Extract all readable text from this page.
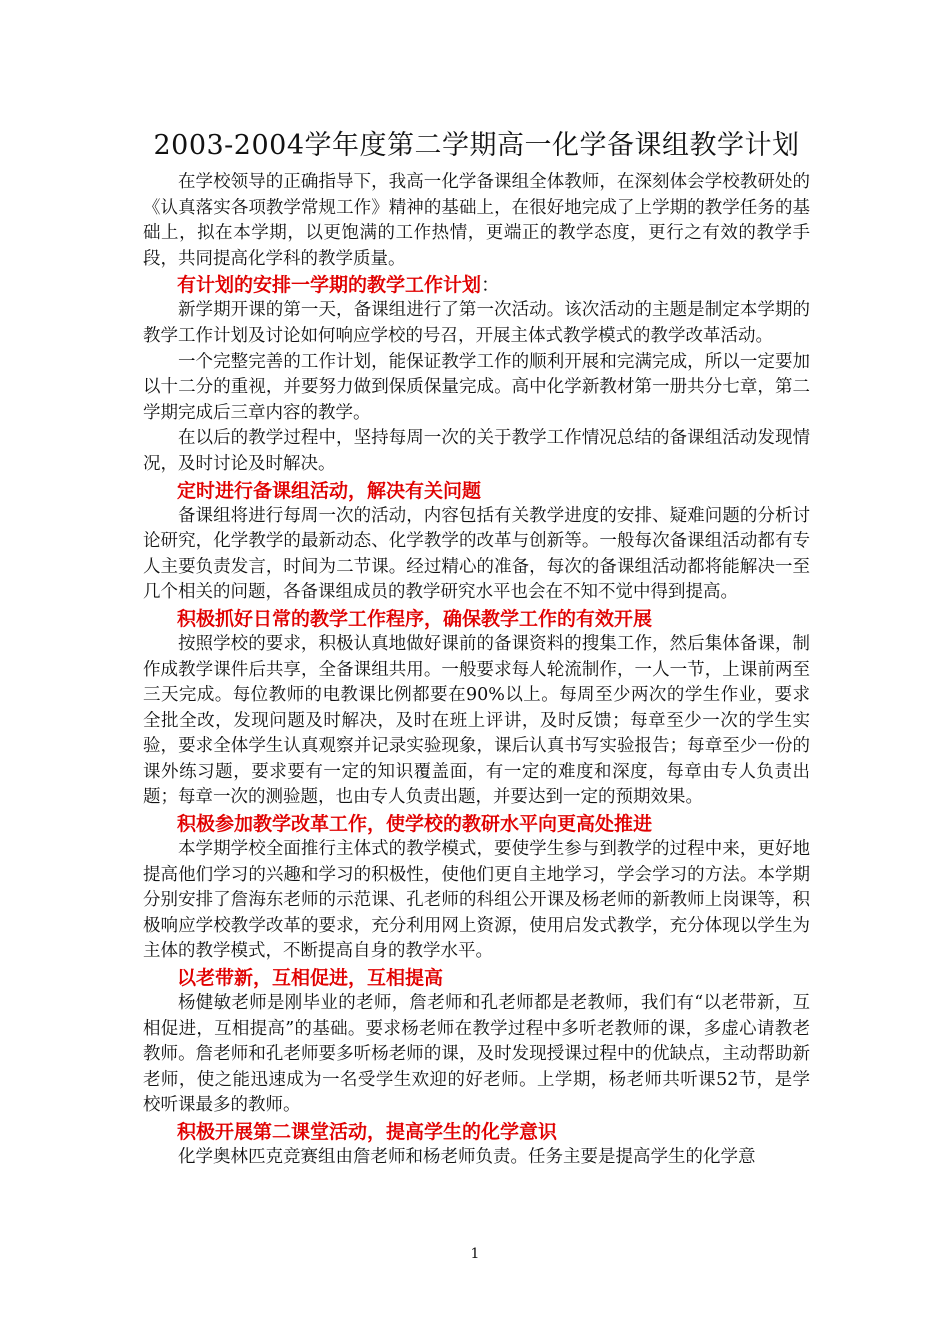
2003-2004学年度第二学期高一化学备课组教学计划

在学校领导的正确指导下，我高一化学备课组全体教师，在深刻体会学校教研处的《认真落实各项教学常规工作》精神的基础上，在很好地完成了上学期的教学任务的基础上，拟在本学期，以更饱满的工作热情，更端正的教学态度，更行之有效的教学手段，共同提高化学科的教学质量。

有计划的安排一学期的教学工作计划：

新学期开课的第一天，备课组进行了第一次活动。该次活动的主题是制定本学期的教学工作计划及讨论如何响应学校的号召，开展主体式教学模式的教学改革活动。

一个完整完善的工作计划，能保证教学工作的顺利开展和完满完成，所以一定要加以十二分的重视，并要努力做到保质保量完成。高中化学新教材第一册共分七章，第二学期完成后三章内容的教学。

在以后的教学过程中，坚持每周一次的关于教学工作情况总结的备课组活动发现情况，及时讨论及时解决。

定时进行备课组活动，解决有关问题

备课组将进行每周一次的活动，内容包括有关教学进度的安排、疑难问题的分析讨论研究，化学教学的最新动态、化学教学的改革与创新等。一般每次备课组活动都有专人主要负责发言，时间为二节课。经过精心的准备，每次的备课组活动都将能解决一至几个相关的问题，各备课组成员的教学研究水平也会在不知不觉中得到提高。

积极抓好日常的教学工作程序，确保教学工作的有效开展

按照学校的要求，积极认真地做好课前的备课资料的搜集工作，然后集体备课，制作成教学课件后共享，全备课组共用。一般要求每人轮流制作，一人一节，上课前两至三天完成。每位教师的电教课比例都要在90%以上。每周至少两次的学生作业，要求全批全改，发现问题及时解决，及时在班上评讲，及时反馈；每章至少一次的学生实验，要求全体学生认真观察并记录实验现象，课后认真书写实验报告；每章至少一份的课外练习题，要求要有一定的知识覆盖面，有一定的难度和深度，每章由专人负责出题；每章一次的测验题，也由专人负责出题，并要达到一定的预期效果。

积极参加教学改革工作，使学校的教研水平向更高处推进

本学期学校全面推行主体式的教学模式，要使学生参与到教学的过程中来，更好地提高他们学习的兴趣和学习的积极性，使他们更自主地学习，学会学习的方法。本学期分别安排了詹海东老师的示范课、孔老师的科组公开课及杨老师的新教师上岗课等，积极响应学校教学改革的要求，充分利用网上资源，使用启发式教学，充分体现以学生为主体的教学模式，不断提高自身的教学水平。

以老带新，互相促进，互相提高

杨健敏老师是刚毕业的老师，詹老师和孔老师都是老教师，我们有“以老带新，互相促进，互相提高”的基础。要求杨老师在教学过程中多听老教师的课，多虚心请教老教师。詹老师和孔老师要多听杨老师的课，及时发现授课过程中的优缺点，主动帮助新老师，使之能迅速成为一名受学生欢迎的好老师。上学期，杨老师共听课52节，是学校听课最多的教师。

积极开展第二课堂活动，提高学生的化学意识

化学奥林匹克竞赛组由詹老师和杨老师负责。任务主要是提高学生的化学意

1
